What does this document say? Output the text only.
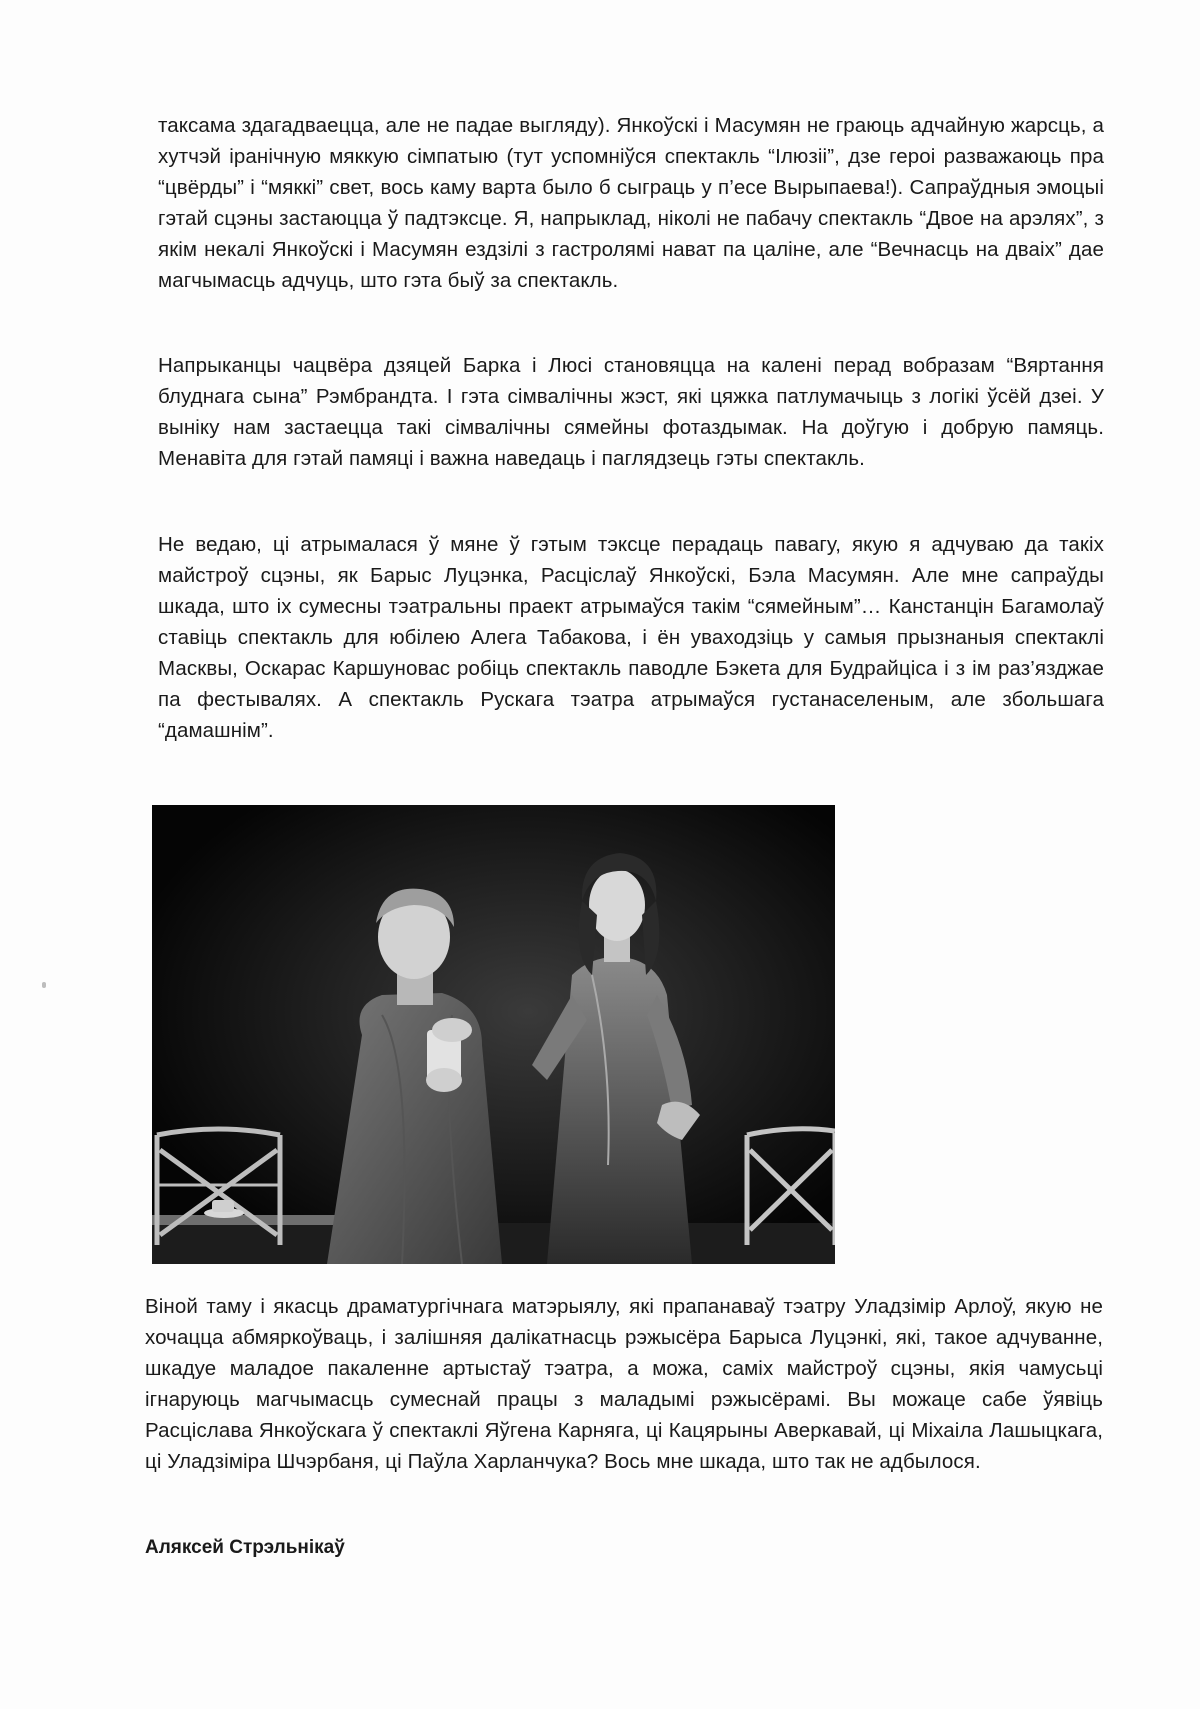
таксама здагадваецца, але не падае выгляду). Янкоўскі і Масумян не граюць адчайную жарсць, а хутчэй іранічную мяккую сімпатыю (тут успомніўся спектакль “Ілюзіі”, дзе героі разважаюць пра “цвёрды” і “мяккі” свет, вось каму варта было б сыграць у п’есе Вырыпаева!). Сапраўдныя эмоцыі гэтай сцэны застаюцца ў падтэксце. Я, напрыклад, ніколі не пабачу спектакль “Двое на арэлях”, з якім некалі Янкоўскі і Масумян ездзілі з гастролямі нават па цаліне, але “Вечнасць на дваіх” дае магчымасць адчуць, што гэта быў за спектакль.

Напрыканцы чацвёра дзяцей Барка і Люсі становяцца на калені перад вобразам “Вяртання блуднага сына” Рэмбрандта. І гэта сімвалічны жэст, які цяжка патлумачыць з логікі ўсёй дзеі. У выніку нам застаецца такі сімвалічны сямейны фотаздымак. На доўгую і добрую памяць. Менавіта для гэтай памяці і важна наведаць і паглядзець гэты спектакль.

Не ведаю, ці атрымалася ў мяне ў гэтым тэксце перадаць павагу, якую я адчуваю да такіх майстроў сцэны, як Барыс Луцэнка, Расціслаў Янкоўскі, Бэла Масумян. Але мне сапраўды шкада, што іх сумесны тэатральны праект атрымаўся такім “сямейным”… Канстанцін Багамолаў ставіць спектакль для юбілею Алега Табакова, і ён уваходзіць у самыя прызнаныя спектаклі Масквы, Оскарас Каршуновас робіць спектакль паводле Бэкета для Будрайціса і з ім раз’язджае па фестывалях. А спектакль Рускага тэатра атрымаўся густанаселеным, але збольшага “дамашнім”.

Віной таму і якасць драматургічнага матэрыялу, які прапанаваў тэатру Уладзімір Арлоў, якую не хочацца абмяркоўваць, і залішняя далікатнасць рэжысёра Барыса Луцэнкі, які, такое адчуванне, шкадуе маладое пакаленне артыстаў тэатра, а можа, саміх майстроў сцэны, якія чамусьці ігнаруюць магчымасць сумеснай працы з маладымі рэжысёрамі. Вы можаце сабе ўявіць Расціслава Янкоўскага ў спектаклі Яўгена Карняга, ці Кацярыны Аверкавай, ці Міхаіла Лашыцкага, ці Уладзіміра Шчэрбаня, ці Паўла Харланчука? Вось мне шкада, што так не адбылося.

Аляксей Стрэльнікаў
